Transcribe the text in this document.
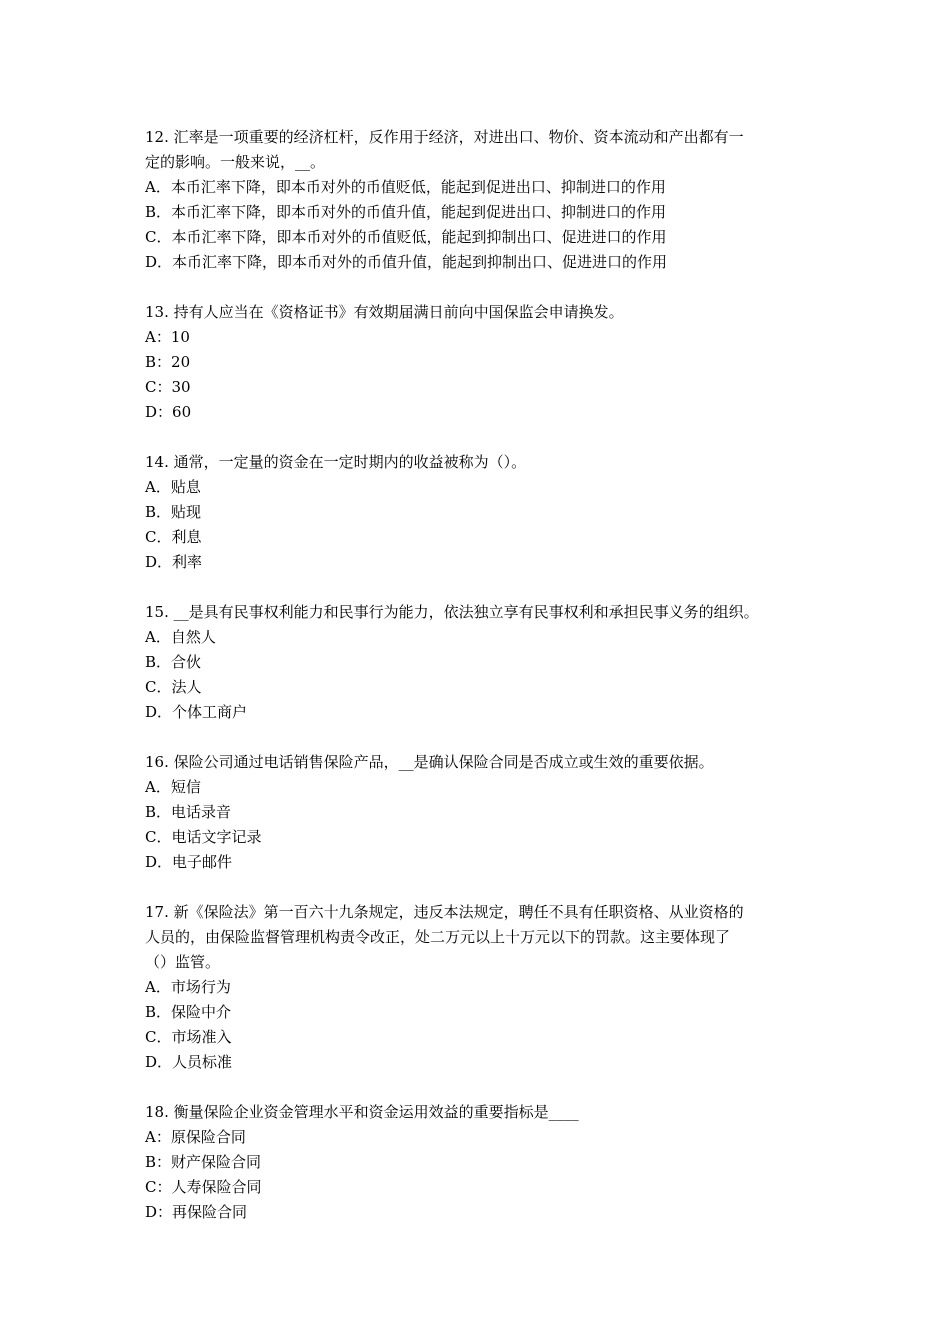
12. 汇率是一项重要的经济杠杆，反作用于经济，对进出口、物价、资本流动和产出都有一

定的影响。一般来说，__。

A．本币汇率下降，即本币对外的币值贬低，能起到促进出口、抑制进口的作用
B．本币汇率下降，即本币对外的币值升值，能起到促进出口、抑制进口的作用
C．本币汇率下降，即本币对外的币值贬低，能起到抑制出口、促进进口的作用
D．本币汇率下降，即本币对外的币值升值，能起到抑制出口、促进进口的作用

13. 持有人应当在《资格证书》有效期届满日前向中国保监会申请换发。

A：10
B：20
C：30
D：60

14. 通常，一定量的资金在一定时期内的收益被称为（）。

A．贴息
B．贴现
C．利息
D．利率

15. __是具有民事权利能力和民事行为能力，依法独立享有民事权利和承担民事义务的组织。

A．自然人
B．合伙
C．法人
D．个体工商户

16. 保险公司通过电话销售保险产品，__是确认保险合同是否成立或生效的重要依据。

A．短信
B．电话录音
C．电话文字记录
D．电子邮件

17. 新《保险法》第一百六十九条规定，违反本法规定，聘任不具有任职资格、从业资格的

人员的，由保险监督管理机构责令改正，处二万元以上十万元以下的罚款。这主要体现了

（）监管。

A．市场行为
B．保险中介
C．市场准入
D．人员标准

18. 衡量保险企业资金管理水平和资金运用效益的重要指标是____

A：原保险合同
B：财产保险合同
C：人寿保险合同
D：再保险合同
